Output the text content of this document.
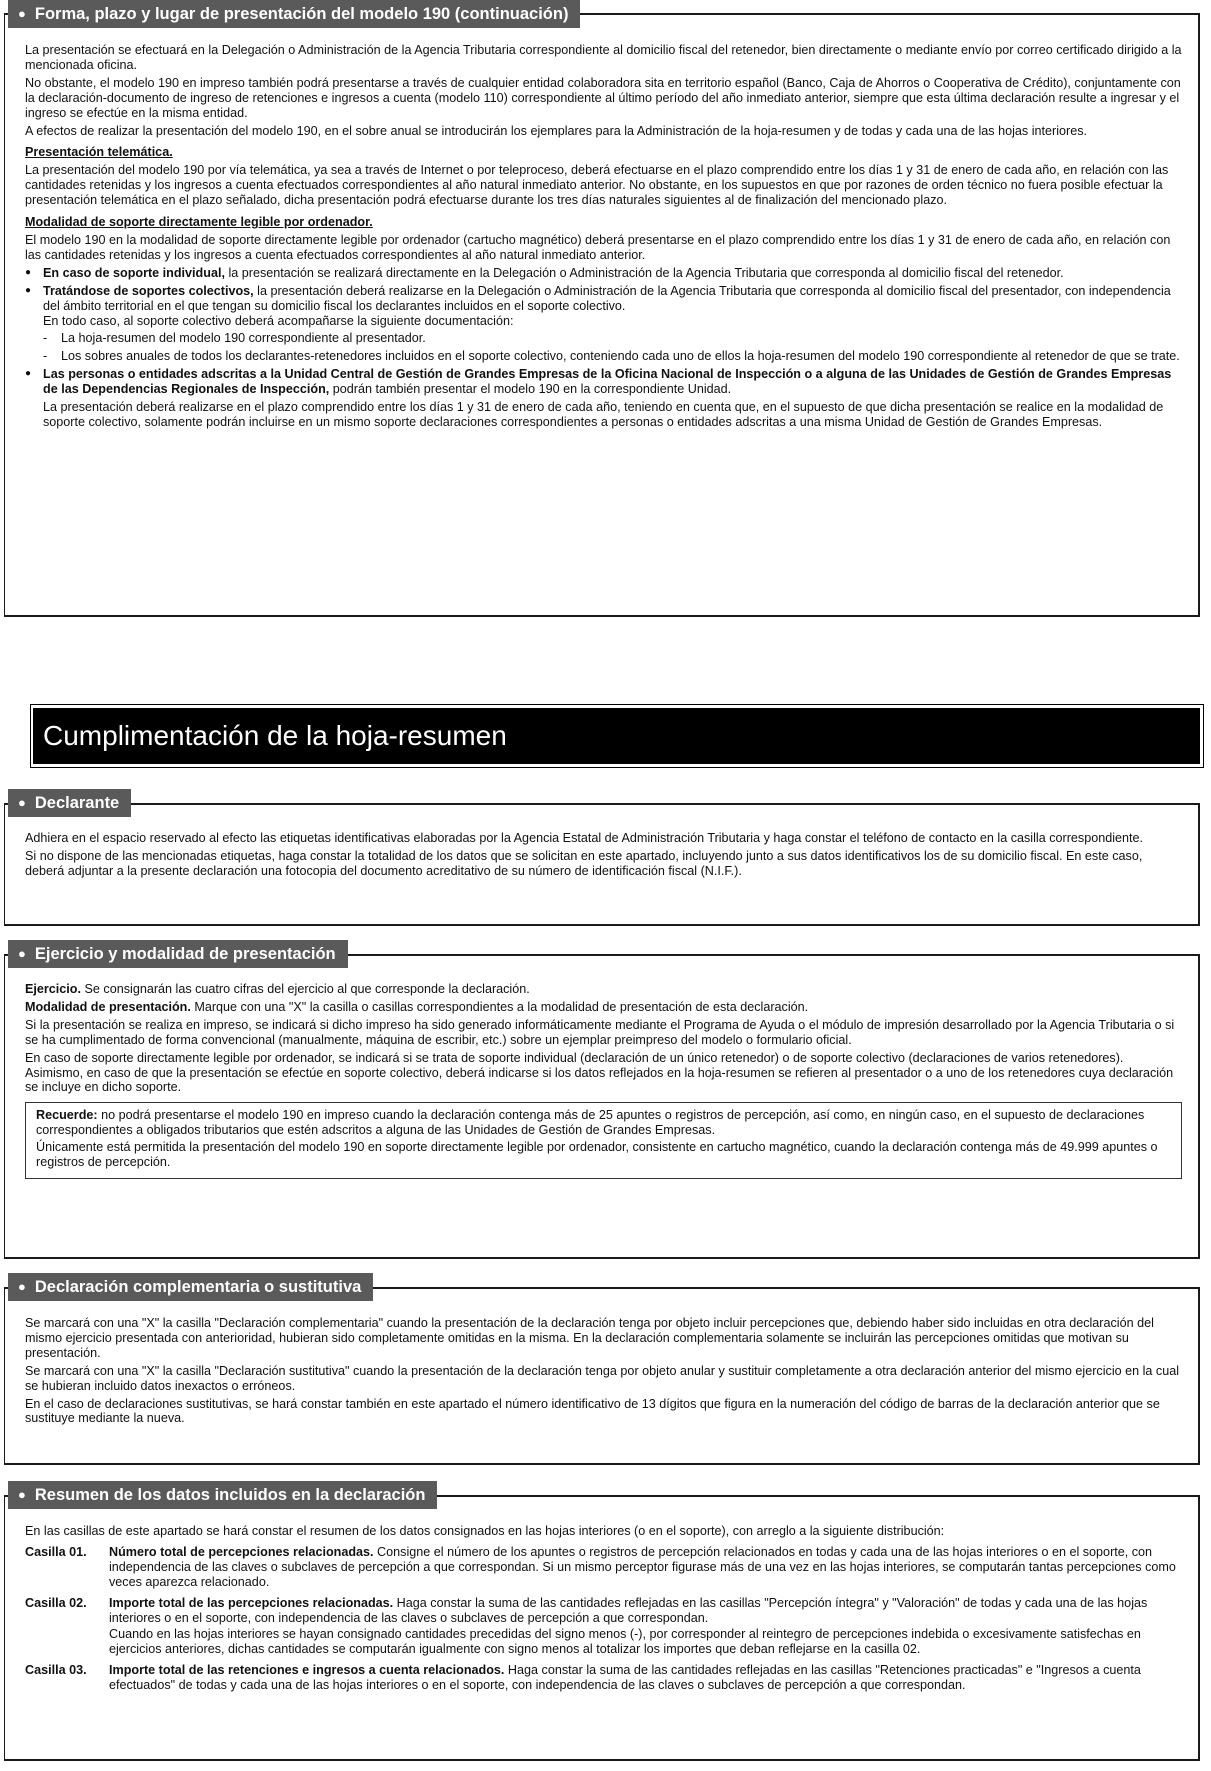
La presentación se efectuará en la Delegación o Administración de la Agencia Tributaria correspondiente al domicilio fiscal del retenedor, bien directamente o mediante envío por correo certificado dirigido a la mencionada oficina.

No obstante, el modelo 190 en impreso también podrá presentarse a través de cualquier entidad colaboradora sita en territorio español (Banco, Caja de Ahorros o Cooperativa de Crédito), conjuntamente con la declaración-documento de ingreso de retenciones e ingresos a cuenta (modelo 110) correspondiente al último período del año inmediato anterior, siempre que esta última declaración resulte a ingresar y el ingreso se efectúe en la misma entidad.

A efectos de realizar la presentación del modelo 190, en el sobre anual se introducirán los ejemplares para la Administración de la hoja-resumen y de todas y cada una de las hojas interiores.

Presentación telemática.

La presentación del modelo 190 por vía telemática, ya sea a través de Internet o por teleproceso, deberá efectuarse en el plazo comprendido entre los días 1 y 31 de enero de cada año, en relación con las cantidades retenidas y los ingresos a cuenta efectuados correspondientes al año natural inmediato anterior. No obstante, en los supuestos en que por razones de orden técnico no fuera posible efectuar la presentación telemática en el plazo señalado, dicha presentación podrá efectuarse durante los tres días naturales siguientes al de finalización del mencionado plazo.

Modalidad de soporte directamente legible por ordenador.

El modelo 190 en la modalidad de soporte directamente legible por ordenador (cartucho magnético) deberá presentarse en el plazo comprendido entre los días 1 y 31 de enero de cada año, en relación con las cantidades retenidas y los ingresos a cuenta efectuados correspondientes al año natural inmediato anterior.

● En caso de soporte individual, la presentación se realizará directamente en la Delegación o Administración de la Agencia Tributaria que corresponda al domicilio fiscal del retenedor.

● Tratándose de soportes colectivos, la presentación deberá realizarse en la Delegación o Administración de la Agencia Tributaria que corresponda al domicilio fiscal del presentador, con independencia del ámbito territorial en el que tengan su domicilio fiscal los declarantes incluidos en el soporte colectivo.

En todo caso, al soporte colectivo deberá acompañarse la siguiente documentación:

- La hoja-resumen del modelo 190 correspondiente al presentador.

- Los sobres anuales de todos los declarantes-retenedores incluidos en el soporte colectivo, conteniendo cada uno de ellos la hoja-resumen del modelo 190 correspondiente al retenedor de que se trate.

● Las personas o entidades adscritas a la Unidad Central de Gestión de Grandes Empresas de la Oficina Nacional de Inspección o a alguna de las Unidades de Gestión de Grandes Empresas de las Dependencias Regionales de Inspección, podrán también presentar el modelo 190 en la correspondiente Unidad.

La presentación deberá realizarse en el plazo comprendido entre los días 1 y 31 de enero de cada año, teniendo en cuenta que, en el supuesto de que dicha presentación se realice en la modalidad de soporte colectivo, solamente podrán incluirse en un mismo soporte declaraciones correspondientes a personas o entidades adscritas a una misma Unidad de Gestión de Grandes Empresas.

● Forma, plazo y lugar de presentación del modelo 190 (continuación)
Cumplimentación de la hoja-resumen

Adhiera en el espacio reservado al efecto las etiquetas identificativas elaboradas por la Agencia Estatal de Administración Tributaria y haga constar el teléfono de contacto en la casilla correspondiente.

Si no dispone de las mencionadas etiquetas, haga constar la totalidad de los datos que se solicitan en este apartado, incluyendo junto a sus datos identificativos los de su domicilio fiscal. En este caso, deberá adjuntar a la presente declaración una fotocopia del documento acreditativo de su número de identificación fiscal (N.I.F.).

● Declarante

Ejercicio. Se consignarán las cuatro cifras del ejercicio al que corresponde la declaración.

Modalidad de presentación. Marque con una "X" la casilla o casillas correspondientes a la modalidad de presentación de esta declaración.

Si la presentación se realiza en impreso, se indicará si dicho impreso ha sido generado informáticamente mediante el Programa de Ayuda o el módulo de impresión desarrollado por la Agencia Tributaria o si se ha cumplimentado de forma convencional (manualmente, máquina de escribir, etc.) sobre un ejemplar preimpreso del modelo o formulario oficial.

En caso de soporte directamente legible por ordenador, se indicará si se trata de soporte individual (declaración de un único retenedor) o de soporte colectivo (declaraciones de varios retenedores). Asimismo, en caso de que la presentación se efectúe en soporte colectivo, deberá indicarse si los datos reflejados en la hoja-resumen se refieren al presentador o a uno de los retenedores cuya declaración se incluye en dicho soporte.

Recuerde: no podrá presentarse el modelo 190 en impreso cuando la declaración contenga más de 25 apuntes o registros de percepción, así como, en ningún caso, en el supuesto de declaraciones correspondientes a obligados tributarios que estén adscritos a alguna de las Unidades de Gestión de Grandes Empresas.

Únicamente está permitida la presentación del modelo 190 en soporte directamente legible por ordenador, consistente en cartucho magnético, cuando la declaración contenga más de 49.999 apuntes o registros de percepción.

● Ejercicio y modalidad de presentación

Se marcará con una "X" la casilla "Declaración complementaria" cuando la presentación de la declaración tenga por objeto incluir percepciones que, debiendo haber sido incluidas en otra declaración del mismo ejercicio presentada con anterioridad, hubieran sido completamente omitidas en la misma. En la declaración complementaria solamente se incluirán las percepciones omitidas que motivan su presentación.

Se marcará con una "X" la casilla "Declaración sustitutiva" cuando la presentación de la declaración tenga por objeto anular y sustituir completamente a otra declaración anterior del mismo ejercicio en la cual se hubieran incluido datos inexactos o erróneos.

En el caso de declaraciones sustitutivas, se hará constar también en este apartado el número identificativo de 13 dígitos que figura en la numeración del código de barras de la declaración anterior que se sustituye mediante la nueva.

● Declaración complementaria o sustitutiva

En las casillas de este apartado se hará constar el resumen de los datos consignados en las hojas interiores (o en el soporte), con arreglo a la siguiente distribución:

Casilla 01.	Número total de percepciones relacionadas. Consigne el número de los apuntes o registros de percepción relacionados en todas y cada una de las hojas interiores o en el soporte, con independencia de las claves o subclaves de percepción a que correspondan. Si un mismo perceptor figurase más de una vez en las hojas interiores, se computarán tantas percepciones como veces aparezca relacionado.

Casilla 02.	Importe total de las percepciones relacionadas. Haga constar la suma de las cantidades reflejadas en las casillas "Percepción íntegra" y "Valoración" de todas y cada una de las hojas interiores o en el soporte, con independencia de las claves o subclaves de percepción a que correspondan.

Cuando en las hojas interiores se hayan consignado cantidades precedidas del signo menos (-), por corresponder al reintegro de percepciones indebida o excesivamente satisfechas en ejercicios anteriores, dichas cantidades se computarán igualmente con signo menos al totalizar los importes que deban reflejarse en la casilla 02.

Casilla 03.	Importe total de las retenciones e ingresos a cuenta relacionados. Haga constar la suma de las cantidades reflejadas en las casillas "Retenciones practicadas" e "Ingresos a cuenta efectuados" de todas y cada una de las hojas interiores o en el soporte, con independencia de las claves o subclaves de percepción a que correspondan.

● Resumen de los datos incluidos en la declaración
